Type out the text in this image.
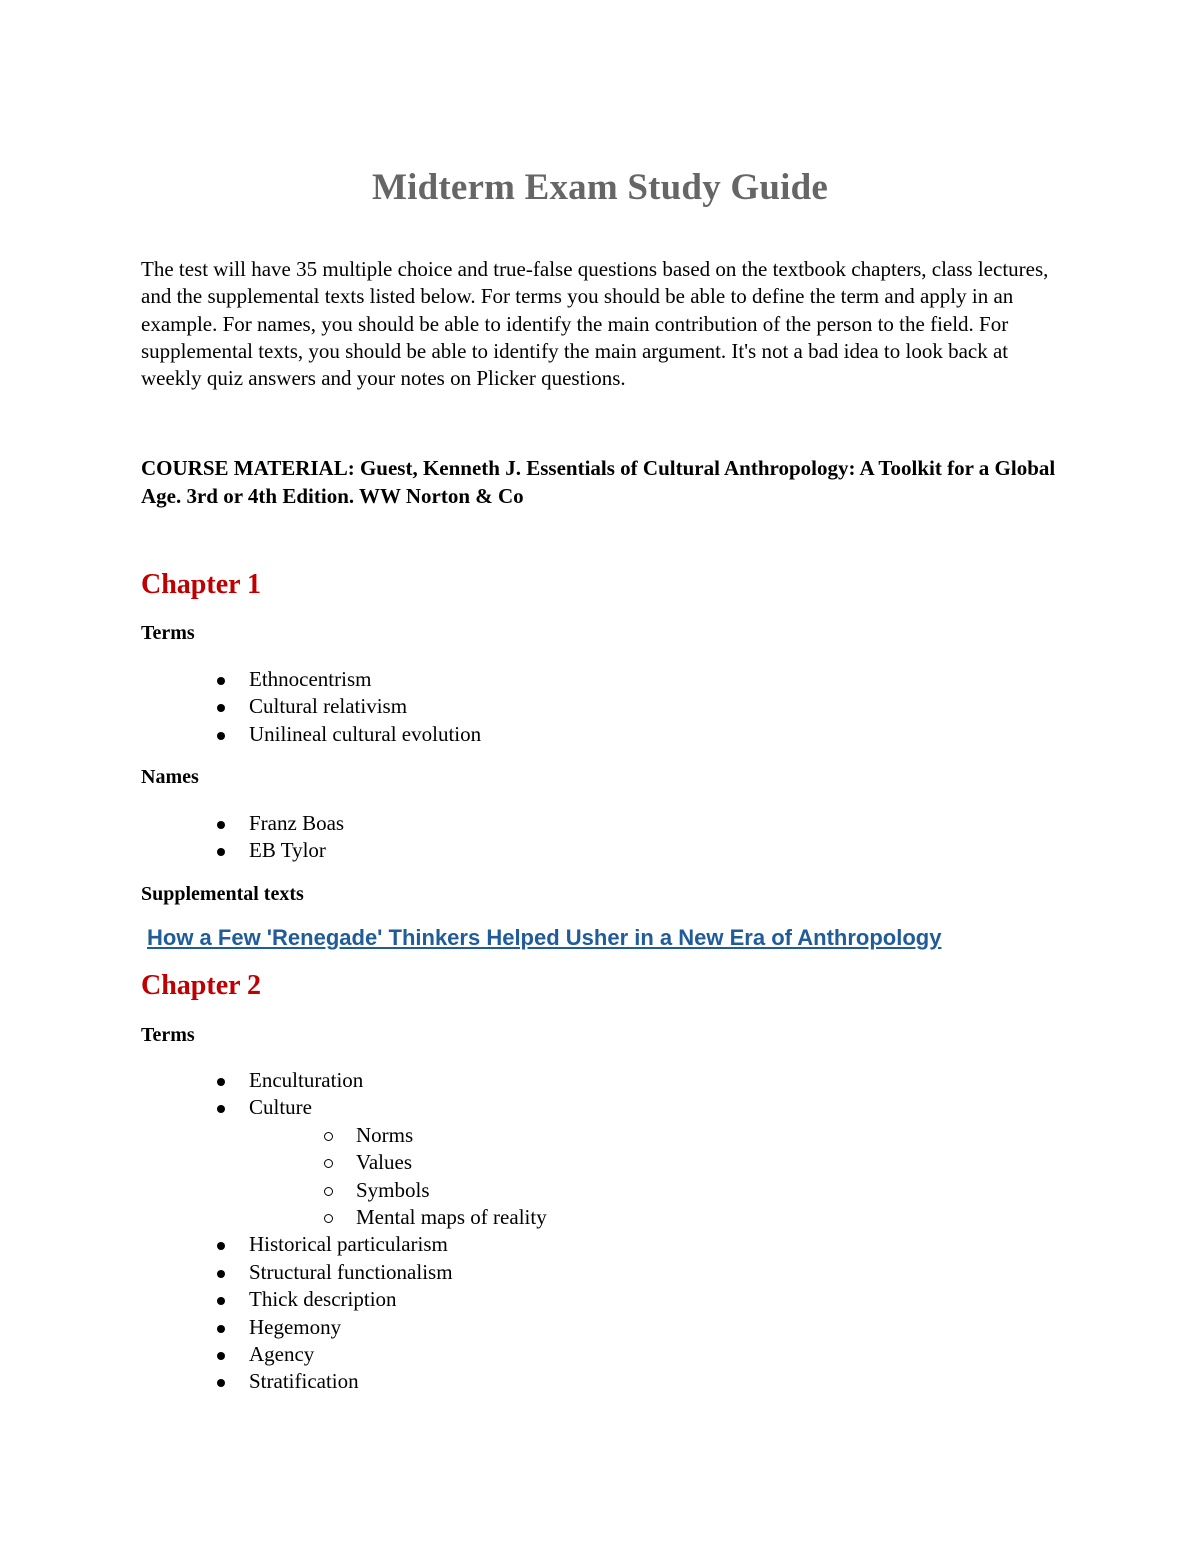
Midterm Exam Study Guide
The test will have 35 multiple choice and true-false questions based on the textbook chapters, class lectures, and the supplemental texts listed below. For terms you should be able to define the term and apply in an example. For names, you should be able to identify the main contribution of the person to the field. For supplemental texts, you should be able to identify the main argument. It's not a bad idea to look back at weekly quiz answers and your notes on Plicker questions.
COURSE MATERIAL: Guest, Kenneth J. Essentials of Cultural Anthropology: A Toolkit for a Global Age. 3rd or 4th Edition. WW Norton & Co
Chapter 1
Terms
Ethnocentrism
Cultural relativism
Unilineal cultural evolution
Names
Franz Boas
EB Tylor
Supplemental texts
How a Few 'Renegade' Thinkers Helped Usher in a New Era of Anthropology
Chapter 2
Terms
Enculturation
Culture
Norms
Values
Symbols
Mental maps of reality
Historical particularism
Structural functionalism
Thick description
Hegemony
Agency
Stratification
